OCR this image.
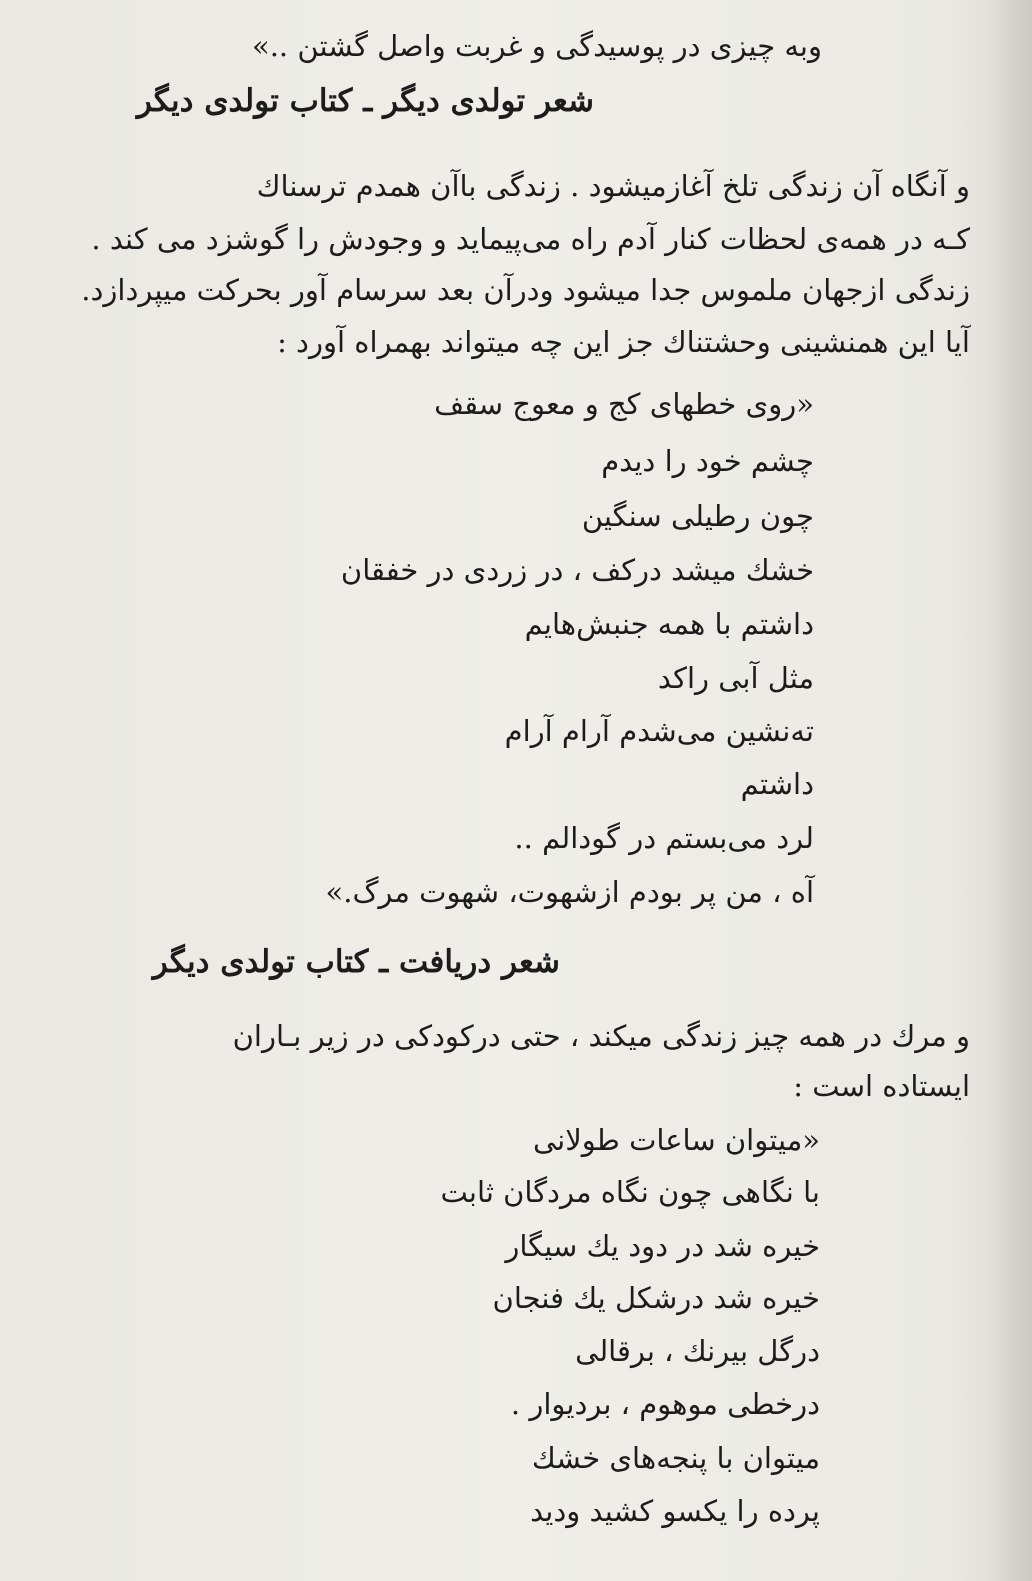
وبه چیزی در پوسیدگی و غربت واصل گشتن ..»
شعر تولدی دیگر ـ کتاب تولدی دیگر
و آنگاه آن زندگی تلخ آغازمیشود . زندگی باآن همدم ترسناك
کـه در همه‌ی لحظات کنار آدم راه می‌پیماید و وجودش را گوشزد می کند .
زندگی ازجهان ملموس جدا میشود ودرآن بعد سرسام آور بحرکت میپردازد.
آیا این همنشینی وحشتناك جز این چه میتواند بهمراه آورد :
«روی خطهای کج و معوج سقف
چشم خود را دیدم
چون رطیلی سنگین
خشك میشد درکف ، در زردی در خفقان
داشتم با همه جنبش‌هایم
مثل آبی راکد
ته‌نشین می‌شدم آرام آرام
داشتم
لرد می‌بستم در گودالم ..
آه ، من پر بودم ازشهوت، شهوت مرگ.»
شعر دریافت ـ کتاب تولدی دیگر
و مرك در همه چیز زندگی میکند ، حتی درکودکی در زیر بـاران
ایستاده است :
«میتوان ساعات طولانی
با نگاهی چون نگاه مردگان ثابت
خیره شد در دود یك سیگار
خیره شد درشکل یك فنجان
درگل بیرنك ، برقالی
درخطی موهوم ، بردیوار .
میتوان با پنجه‌های خشك
پرده را یکسو کشید ودید
